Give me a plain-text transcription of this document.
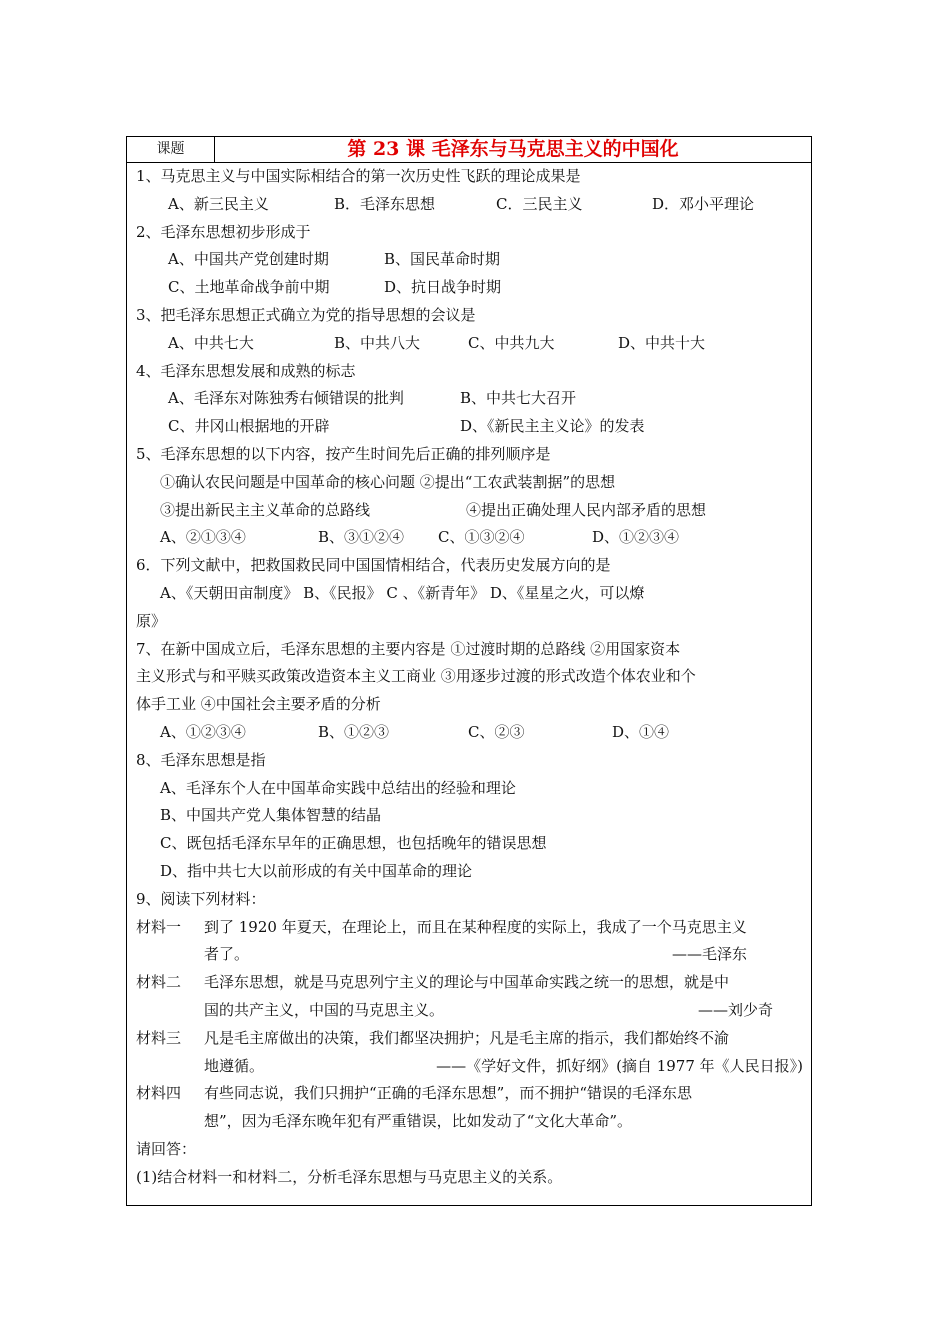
课题	第 23 课 毛泽东与马克思主义的中国化
1、马克思主义与中国实际相结合的第一次历史性飞跃的理论成果是
A、新三民主义	B．毛泽东思想	C．三民主义	D．邓小平理论
2、毛泽东思想初步形成于
A、中国共产党创建时期	B、国民革命时期
C、土地革命战争前中期	D、抗日战争时期
3、把毛泽东思想正式确立为党的指导思想的会议是
A、中共七大	B、中共八大	C、中共九大	D、中共十大
4、毛泽东思想发展和成熟的标志
A、毛泽东对陈独秀右倾错误的批判	B、中共七大召开
C、井冈山根据地的开辟	D、《新民主主义论》的发表
5、毛泽东思想的以下内容，按产生时间先后正确的排列顺序是
①确认农民问题是中国革命的核心问题 ②提出“工农武装割据”的思想
③提出新民主主义革命的总路线	④提出正确处理人民内部矛盾的思想
A、②①③④	B、③①②④ C、①③②④	D、①②③④
6．下列文献中，把救国救民同中国国情相结合，代表历史发展方向的是
A、《天朝田亩制度》 B、《民报》 C 、《新青年》 D、《星星之火，可以燎
原》
7、在新中国成立后，毛泽东思想的主要内容是 ①过渡时期的总路线 ②用国家资本
主义形式与和平赎买政策改造资本主义工商业 ③用逐步过渡的形式改造个体农业和个
体手工业 ④中国社会主要矛盾的分析
A、①②③④	B、①②③	C、②③	D、①④
8、毛泽东思想是指
A、毛泽东个人在中国革命实践中总结出的经验和理论
B、中国共产党人集体智慧的结晶
C、既包括毛泽东早年的正确思想，也包括晚年的错误思想
D、指中共七大以前形成的有关中国革命的理论
9、阅读下列材料：
材料一	到了 1920 年夏天，在理论上，而且在某种程度的实际上，我成了一个马克思主义
者了。	——毛泽东
材料二	毛泽东思想，就是马克思列宁主义的理论与中国革命实践之统一的思想，就是中
国的共产主义，中国的马克思主义。	——刘少奇
材料三	凡是毛主席做出的决策，我们都坚决拥护；凡是毛主席的指示，我们都始终不渝
地遵循。	——《学好文件，抓好纲》(摘自 1977 年《人民日报》)
材料四	有些同志说，我们只拥护“正确的毛泽东思想”，而不拥护“错误的毛泽东思
想”，因为毛泽东晚年犯有严重错误，比如发动了“文化大革命”。
请回答：
(1)结合材料一和材料二，分析毛泽东思想与马克思主义的关系。
